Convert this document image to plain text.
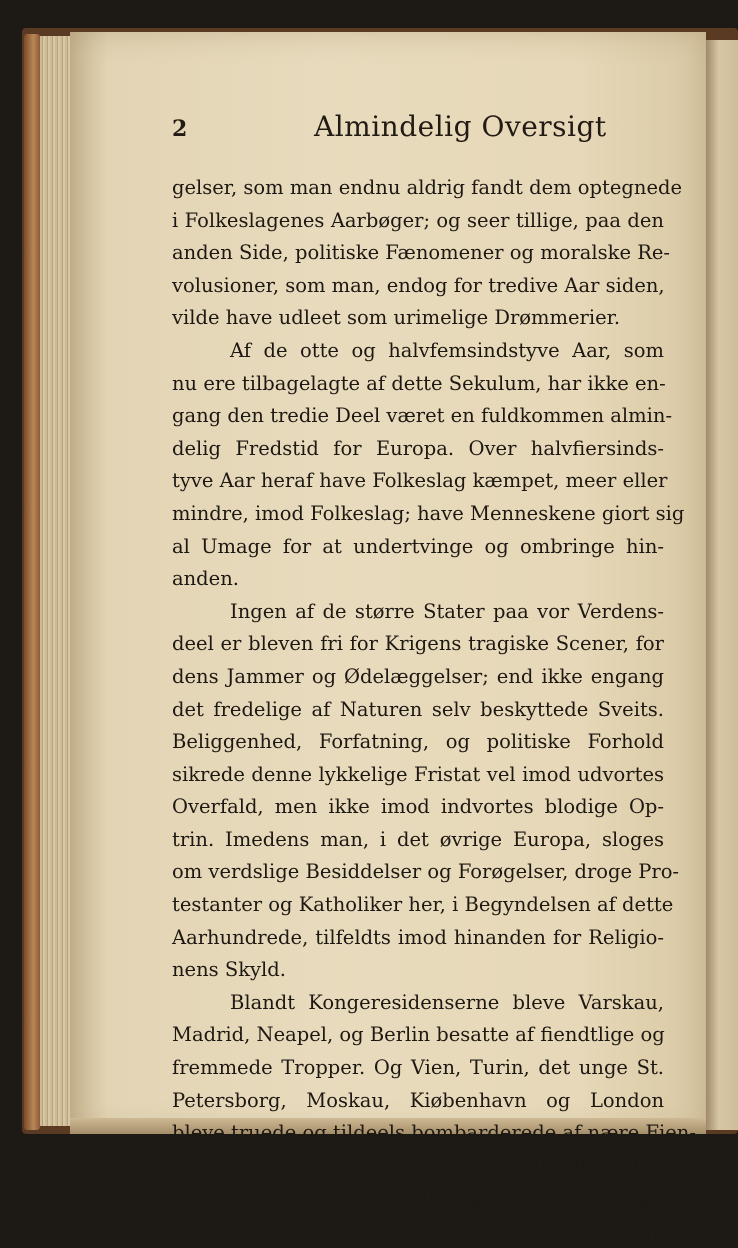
2	Almindelig Oversigt
gelser, som man endnu aldrig fandt dem optegnede
i Folkeslagenes Aarbøger; og seer tillige, paa den
anden Side, politiske Fænomener og moralske Re-
volusioner, som man, endog for tredive Aar siden,
vilde have udleet som urimelige Drømmerier.
Af de otte og halvfemsindstyve Aar, som
nu ere tilbagelagte af dette Sekulum, har ikke en-
gang den tredie Deel været en fuldkommen almin-
delig Fredstid for Europa. Over halvfiersinds-
tyve Aar heraf have Folkeslag kæmpet, meer eller
mindre, imod Folkeslag; have Menneskene giort sig
al Umage for at undertvinge og ombringe hin-
anden.
Ingen af de større Stater paa vor Verdens-
deel er bleven fri for Krigens tragiske Scener, for
dens Jammer og Ødelæggelser; end ikke engang
det fredelige af Naturen selv beskyttede Sveits.
Beliggenhed, Forfatning, og politiske Forhold
sikrede denne lykkelige Fristat vel imod udvortes
Overfald, men ikke imod indvortes blodige Op-
trin. Imedens man, i det øvrige Europa, sloges
om verdslige Besiddelser og Forøgelser, droge Pro-
testanter og Katholiker her, i Begyndelsen af dette
Aarhundrede, tilfeldts imod hinanden for Religio-
nens Skyld.
Blandt Kongeresidenserne bleve Varskau,
Madrid, Neapel, og Berlin besatte af fiendtlige og
fremmede Tropper. Og Vien, Turin, det unge St.
Petersborg, Moskau, Kiøbenhavn og London
bleve truede og tildeels bombarderede af nære Fien-
der. Blandt Fæstningerne var Gibraltar den
eneste, som en Fiende, efter igientagne og frugt-
rige
